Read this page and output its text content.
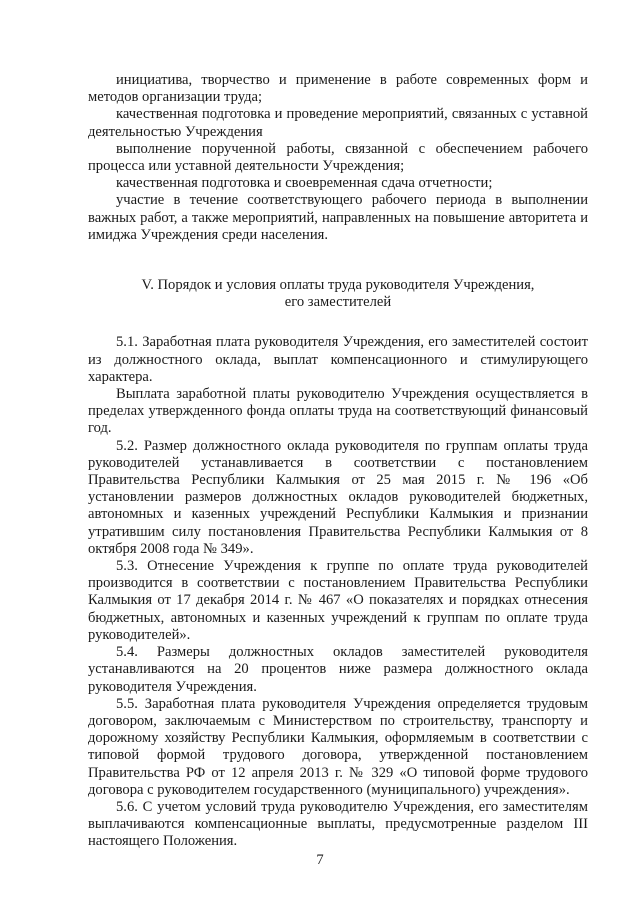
инициатива, творчество и применение в работе современных форм и методов организации труда;

качественная подготовка и проведение мероприятий, связанных с уставной деятельностью Учреждения

выполнение порученной работы, связанной с обеспечением рабочего процесса или уставной деятельности Учреждения;

качественная подготовка и своевременная сдача отчетности;

участие в течение соответствующего рабочего периода в выполнении важных работ, а также мероприятий, направленных на повышение авторитета и имиджа Учреждения среди населения.

V. Порядок и условия оплаты труда руководителя Учреждения,

его заместителей

5.1. Заработная плата руководителя Учреждения, его заместителей состоит из должностного оклада, выплат компенсационного и стимулирующего характера.

Выплата заработной платы руководителю Учреждения осуществляется в пределах утвержденного фонда оплаты труда на соответствующий финансовый год.

5.2. Размер должностного оклада руководителя по группам оплаты труда руководителей устанавливается в соответствии с постановлением Правительства Республики Калмыкия от 25 мая 2015 г. № 196 «Об установлении размеров должностных окладов руководителей бюджетных, автономных и казенных учреждений Республики Калмыкия и признании утратившим силу постановления Правительства Республики Калмыкия от 8 октября 2008 года № 349».

5.3. Отнесение Учреждения к группе по оплате труда руководителей производится в соответствии с постановлением Правительства Республики Калмыкия от 17 декабря 2014 г. № 467 «О показателях и порядках отнесения бюджетных, автономных и казенных учреждений к группам по оплате труда руководителей».

5.4. Размеры должностных окладов заместителей руководителя устанавливаются на 20 процентов ниже размера должностного оклада руководителя Учреждения.

5.5. Заработная плата руководителя Учреждения определяется трудовым договором, заключаемым с Министерством по строительству, транспорту и дорожному хозяйству Республики Калмыкия, оформляемым в соответствии с типовой формой трудового договора, утвержденной постановлением Правительства РФ от 12 апреля 2013 г. № 329 «О типовой форме трудового договора с руководителем государственного (муниципального) учреждения».

5.6. С учетом условий труда руководителю Учреждения, его заместителям выплачиваются компенсационные выплаты, предусмотренные разделом III настоящего Положения.

7
